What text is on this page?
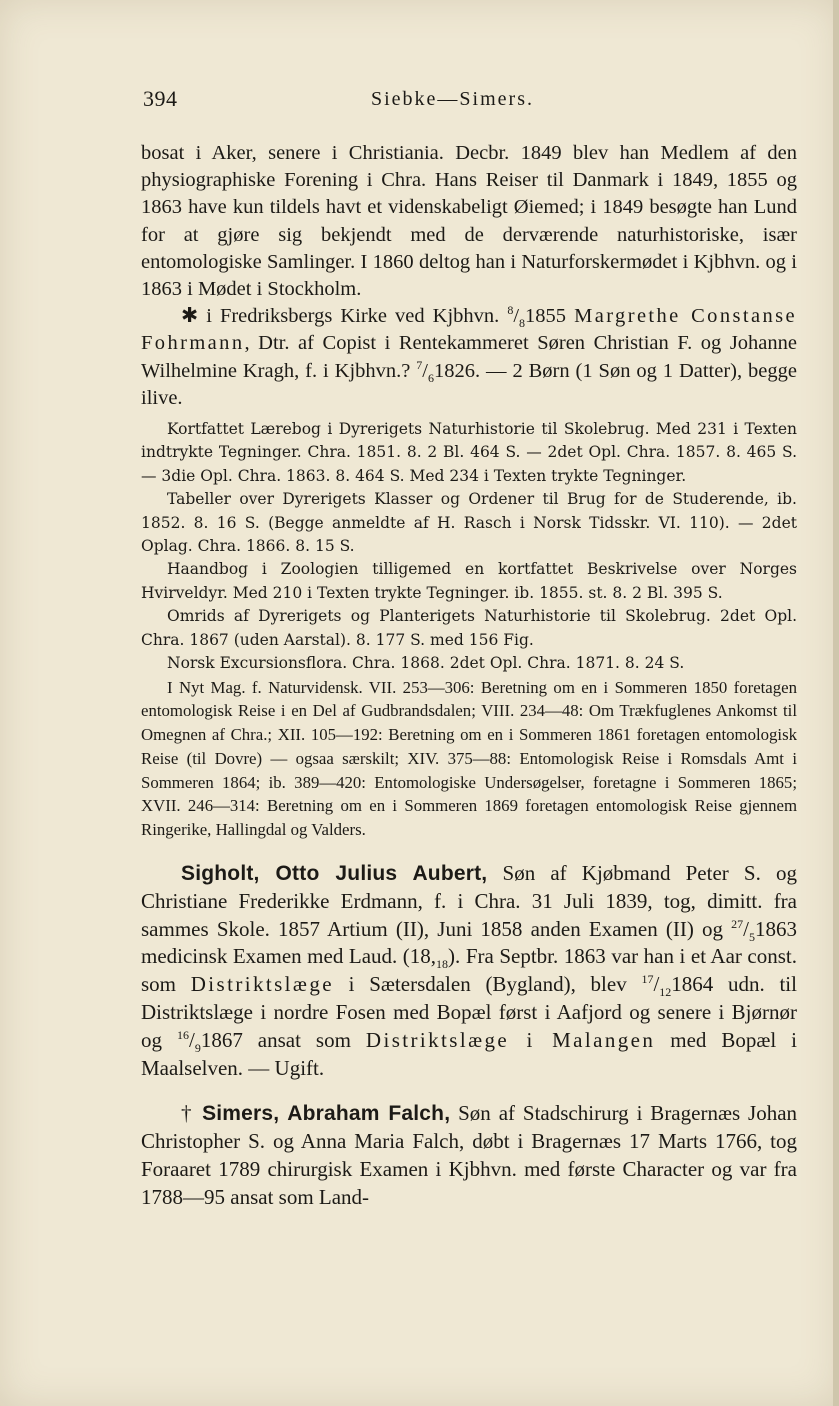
394	Siebke—Simers.

bosat i Aker, senere i Christiania. Decbr. 1849 blev han Medlem af den physiographiske Forening i Chra. Hans Reiser til Danmark i 1849, 1855 og 1863 have kun tildels havt et videnskabeligt Øiemed; i 1849 besøgte han Lund for at gjøre sig bekjendt med de derværende naturhistoriske, især entomologiske Samlinger. I 1860 deltog han i Naturforskermødet i Kjbhvn. og i 1863 i Mødet i Stockholm.

✱ i Fredriksbergs Kirke ved Kjbhvn. $^8/_81855$ Margrethe Constanse Fohrmann, Dtr. af Copist i Rentekammeret Søren Christian F. og Johanne Wilhelmine Kragh, f. i Kjbhvn.? $^7/_61826$. — 2 Børn (1 Søn og 1 Datter), begge ilive.

Kortfattet Lærebog i Dyrerigets Naturhistorie til Skolebrug. Med 231 i Texten indtrykte Tegninger. Chra. 1851. 8. 2 Bl. 464 S. — 2det Opl. Chra. 1857. 8. 465 S. — 3die Opl. Chra. 1863. 8. 464 S. Med 234 i Texten trykte Tegninger.

Tabeller over Dyrerigets Klasser og Ordener til Brug for de Studerende, ib. 1852. 8. 16 S. (Begge anmeldte af H. Rasch i Norsk Tidsskr. VI. 110). — 2det Oplag. Chra. 1866. 8. 15 S.

Haandbog i Zoologien tilligemed en kortfattet Beskrivelse over Norges Hvirveldyr. Med 210 i Texten trykte Tegninger. ib. 1855. st. 8. 2 Bl. 395 S.

Omrids af Dyrerigets og Planterigets Naturhistorie til Skolebrug. 2det Opl. Chra. 1867 (uden Aarstal). 8. 177 S. med 156 Fig.

Norsk Excursionsflora. Chra. 1868. 2det Opl. Chra. 1871. 8. 24 S.

I Nyt Mag. f. Naturvidensk. VII. 253—306: Beretning om en i Sommeren 1850 foretagen entomologisk Reise i en Del af Gudbrandsdalen; VIII. 234—48: Om Trækfuglenes Ankomst til Omegnen af Chra.; XII. 105—192: Beretning om en i Sommeren 1861 foretagen entomologisk Reise (til Dovre) — ogsaa særskilt; XIV. 375—88: Entomologisk Reise i Romsdals Amt i Sommeren 1864; ib. 389—420: Entomologiske Undersøgelser, foretagne i Sommeren 1865; XVII. 246—314: Beretning om en i Sommeren 1869 foretagen entomologisk Reise gjennem Ringerike, Hallingdal og Valders.

Sigholt, Otto Julius Aubert, Søn af Kjøbmand Peter S. og Christiane Frederikke Erdmann, f. i Chra. 31 Juli 1839, tog, dimitt. fra sammes Skole. 1857 Artium (II), Juni 1858 anden Examen (II) og $^{27}/_51863$ medicinsk Examen med Laud. $(18,_{18})$. Fra Septbr. 1863 var han i et Aar const. som Distriktslæge i Sætersdalen (Bygland), blev $^{17}/_{12}1864$ udn. til Distriktslæge i nordre Fosen med Bopæl først i Aafjord og senere i Bjørnør og $^{16}/_91867$ ansat som Distriktslæge i Malangen med Bopæl i Maalselven. — Ugift.

† Simers, Abraham Falch, Søn af Stadschirurg i Bragernæs Johan Christopher S. og Anna Maria Falch, døbt i Bragernæs 17 Marts 1766, tog Foraaret 1789 chirurgisk Examen i Kjbhvn. med første Character og var fra 1788—95 ansat som Land-
